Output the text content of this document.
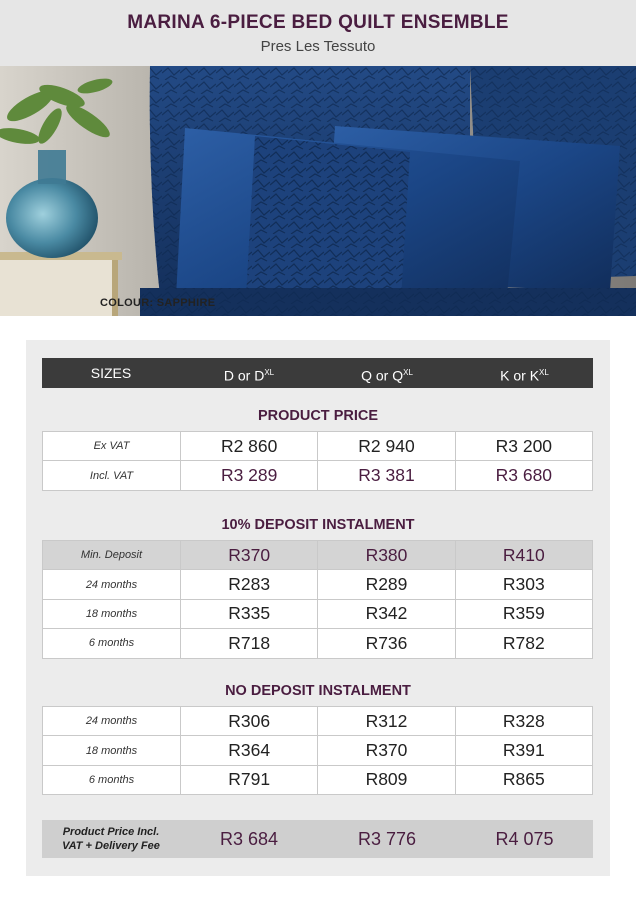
MARINA 6-PIECE BED QUILT ENSEMBLE
Pres Les Tessuto
COLOUR: SAPPHIRE
SIZES	D or $D^{XL}$	Q or $Q^{XL}$	K or $K^{XL}$
PRODUCT PRICE
Ex VAT	R2 860	R2 940	R3 200
Incl. VAT	R3 289	R3 381	R3 680
10% DEPOSIT INSTALMENT
Min. Deposit	R370	R380	R410
24 months	R283	R289	R303
18 months	R335	R342	R359
6 months	R718	R736	R782
NO DEPOSIT INSTALMENT
24 months	R306	R312	R328
18 months	R364	R370	R391
6 months	R791	R809	R865
Product Price Incl.
VAT + Delivery Fee	R3 684	R3 776	R4 075
